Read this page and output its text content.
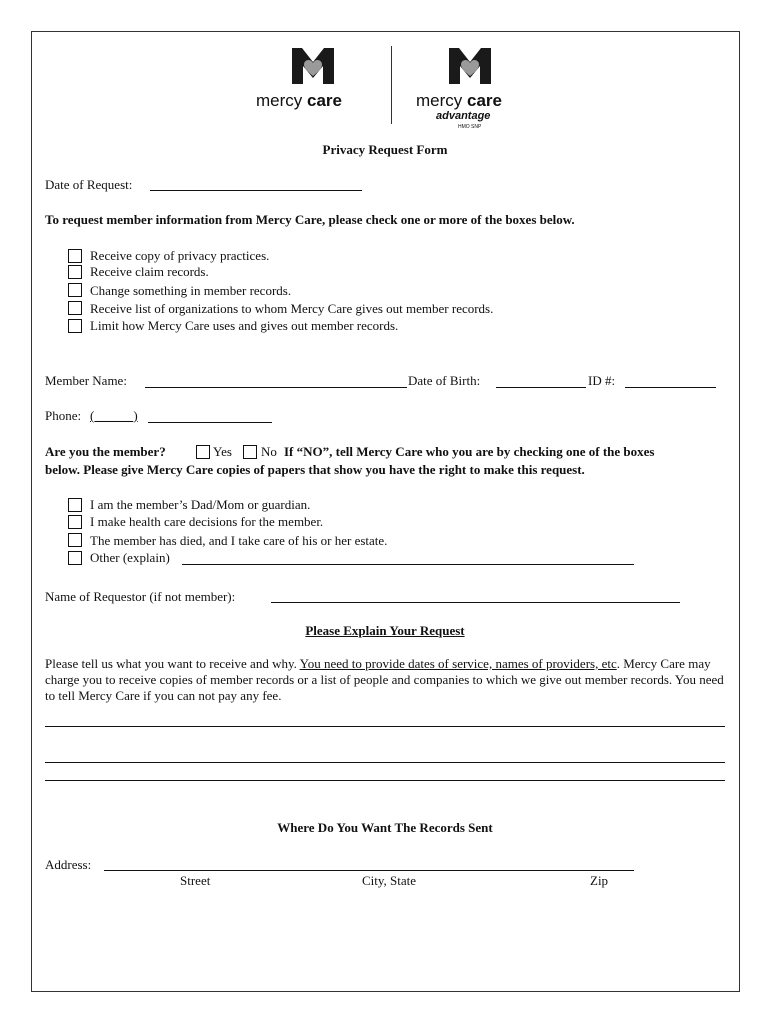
mercy care	mercy care
advantage
HMO SNP
Privacy Request Form
Date of Request:
To request member information from Mercy Care, please check one or more of the boxes below.
Receive copy of privacy practices.
Receive claim records.
Change something in member records.
Receive list of organizations to whom Mercy Care gives out member records.
Limit how Mercy Care uses and gives out member records.
Member Name:	Date of Birth:	ID #:
Phone: (______)
Are you the member?	Yes No If “NO”, tell Mercy Care who you are by checking one of the boxes
below. Please give Mercy Care copies of papers that show you have the right to make this request.
I am the member’s Dad/Mom or guardian.
I make health care decisions for the member.
The member has died, and I take care of his or her estate.
Other (explain)
Name of Requestor (if not member):
Please Explain Your Request
Please tell us what you want to receive and why. You need to provide dates of service, names of providers, etc. Mercy Care may charge you to receive copies of member records or a list of people and companies to which we give out member records. You need to tell Mercy Care if you can not pay any fee.
Where Do You Want The Records Sent
Address:
Street	City, State	Zip
